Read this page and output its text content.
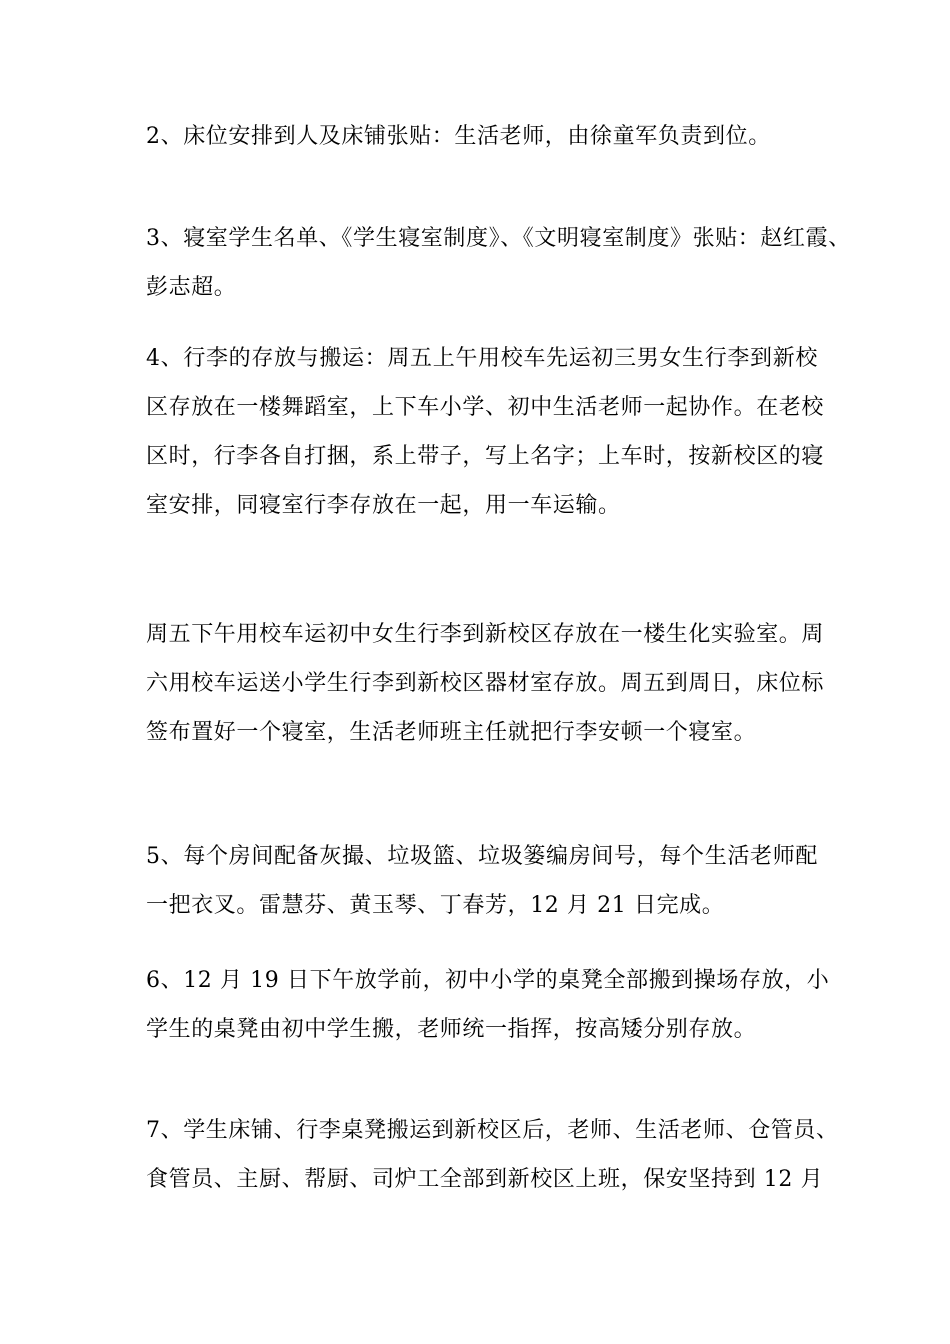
2、床位安排到人及床铺张贴：生活老师，由徐童军负责到位。

3、寝室学生名单、《学生寝室制度》、《文明寝室制度》张贴：赵红霞、
彭志超。

4、行李的存放与搬运：周五上午用校车先运初三男女生行李到新校
区存放在一楼舞蹈室，上下车小学、初中生活老师一起协作。在老校
区时，行李各自打捆，系上带子，写上名字；上车时，按新校区的寝
室安排，同寝室行李存放在一起，用一车运输。

周五下午用校车运初中女生行李到新校区存放在一楼生化实验室。周
六用校车运送小学生行李到新校区器材室存放。周五到周日，床位标
签布置好一个寝室，生活老师班主任就把行李安顿一个寝室。

5、每个房间配备灰撮、垃圾篮、垃圾篓编房间号，每个生活老师配
一把衣叉。雷慧芬、黄玉琴、丁春芳，12 月 21 日完成。

6、12 月 19 日下午放学前，初中小学的桌凳全部搬到操场存放，小
学生的桌凳由初中学生搬，老师统一指挥，按高矮分别存放。

7、学生床铺、行李桌凳搬运到新校区后，老师、生活老师、仓管员、
食管员、主厨、帮厨、司炉工全部到新校区上班，保安坚持到 12 月
